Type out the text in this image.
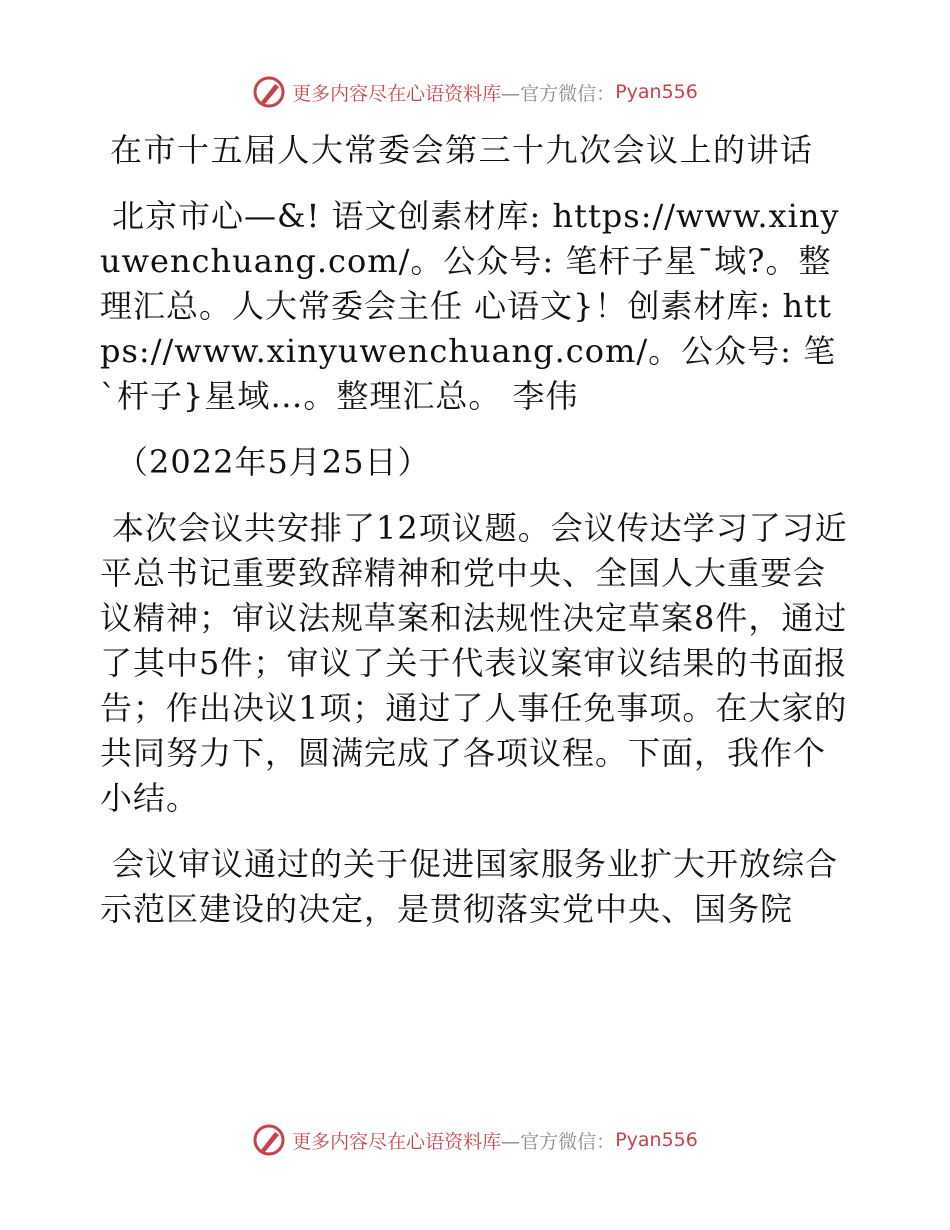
更多内容尽在心语资料库 —官方微信： Pyan556

在市十五届人大常委会第三十九次会议上的讲话

北京市心—&! 语文创素材库: https://www.xinyuwenchuang.com/。公众号: 笔杆子星¯域?。整理汇总。人大常委会主任 心语文}！创素材库: https://www.xinyuwenchuang.com/。公众号: 笔`杆子}星域…。整理汇总。 李伟

（2022年5月25日）

本次会议共安排了12项议题。会议传达学习了习近平总书记重要致辞精神和党中央、全国人大重要会议精神；审议法规草案和法规性决定草案8件，通过了其中5件；审议了关于代表议案审议结果的书面报告；作出决议1项；通过了人事任免事项。在大家的共同努力下，圆满完成了各项议程。下面，我作个小结。

会议审议通过的关于促进国家服务业扩大开放综合示范区建设的决定，是贯彻落实党中央、国务院

更多内容尽在心语资料库 —官方微信： Pyan556
